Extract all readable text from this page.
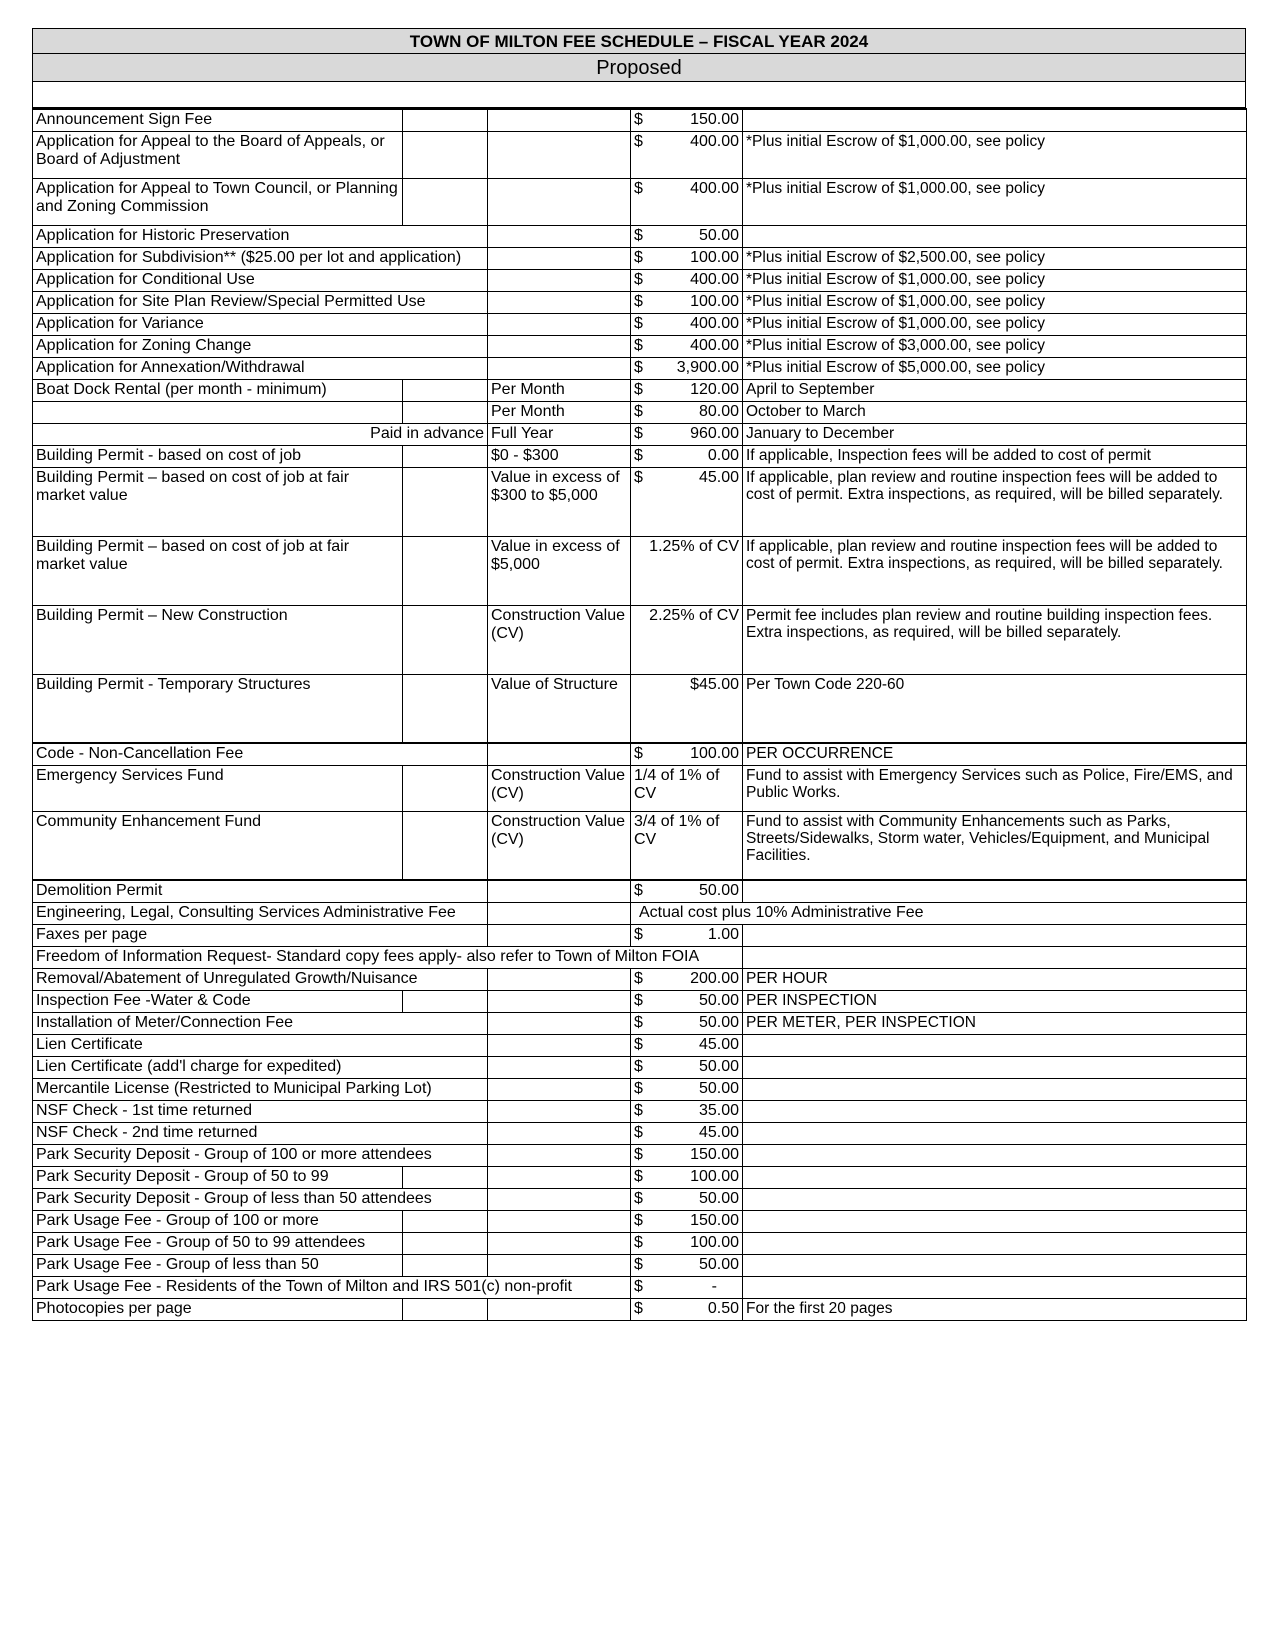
TOWN OF MILTON FEE SCHEDULE – FISCAL YEAR 2024
Proposed
Announcement Sign Fee			$ 150.00	

Application for Appeal to the Board of Appeals, or Board of Adjustment			$ 400.00	*Plus initial Escrow of $1,000.00, see policy
Application for Appeal to Town Council, or Planning and Zoning Commission			$ 400.00	*Plus initial Escrow of $1,000.00, see policy
Application for Historic Preservation			$ 50.00	

Application for Subdivision** ($25.00 per lot and application)			$ 100.00	*Plus initial Escrow of $2,500.00, see policy
Application for Conditional Use			$ 400.00	*Plus initial Escrow of $1,000.00, see policy
Application for Site Plan Review/Special Permitted Use			$ 100.00	*Plus initial Escrow of $1,000.00, see policy
Application for Variance			$ 400.00	*Plus initial Escrow of $1,000.00, see policy
Application for Zoning Change			$ 400.00	*Plus initial Escrow of $3,000.00, see policy
Application for Annexation/Withdrawal			$ 3,900.00	*Plus initial Escrow of $5,000.00, see policy
Boat Dock Rental (per month - minimum)		Per Month	$ 120.00	April to September
		Per Month	$ 80.00	October to March
Paid in advance		Full Year	$ 960.00	January to December
Building Permit - based on cost of job		$0 - $300	$ 0.00	If applicable, Inspection fees will be added to cost of permit
Building Permit – based on cost of job at fair market value		Value in excess of $300 to $5,000	$ 45.00	If applicable, plan review and routine inspection fees will be added to cost of permit. Extra inspections, as required, will be billed separately.
Building Permit – based on cost of job at fair market value		Value in excess of $5,000	1.25% of CV	If applicable, plan review and routine inspection fees will be added to cost of permit. Extra inspections, as required, will be billed separately.
Building Permit – New Construction		Construction Value (CV)	2.25% of CV	Permit fee includes plan review and routine building inspection fees. Extra inspections, as required, will be billed separately.
Building Permit - Temporary Structures		Value of Structure	$45.00	Per Town Code 220-60
Code - Non-Cancellation Fee			$ 100.00	PER OCCURRENCE
Emergency Services Fund		Construction Value (CV)	1/4 of 1% of CV	Fund to assist with Emergency Services such as Police, Fire/EMS, and Public Works.
Community Enhancement Fund		Construction Value (CV)	3/4 of 1% of CV	Fund to assist with Community Enhancements such as Parks, Streets/Sidewalks, Storm water, Vehicles/Equipment, and Municipal Facilities.
Demolition Permit			$ 50.00	

Engineering, Legal, Consulting Services Administrative Fee			Actual cost plus 10% Administrative Fee	
Faxes per page			$ 1.00	

Freedom of Information Request- Standard copy fees apply- also refer to Town of Milton FOIA				
Removal/Abatement of Unregulated Growth/Nuisance			$ 200.00	PER HOUR
Inspection Fee -Water & Code			$ 50.00	PER INSPECTION
Installation of Meter/Connection Fee			$ 50.00	PER METER, PER INSPECTION
Lien Certificate			$ 45.00	

Lien Certificate (add'l charge for expedited)			$ 50.00	

Mercantile License (Restricted to Municipal Parking Lot)			$ 50.00	

NSF Check - 1st time returned			$ 35.00	

NSF Check - 2nd time returned			$ 45.00	

Park Security Deposit - Group of 100 or more attendees			$ 150.00	

Park Security Deposit - Group of 50 to 99			$ 100.00	

Park Security Deposit - Group of less than 50 attendees			$ 50.00	

Park Usage Fee - Group of 100 or more			$ 150.00	

Park Usage Fee - Group of 50 to 99 attendees			$ 100.00	

Park Usage Fee - Group of less than 50			$ 50.00	

Park Usage Fee - Residents of the Town of Milton and IRS 501(c) non-profit			$ -	

Photocopies per page			$ 0.50	For the first 20 pages
